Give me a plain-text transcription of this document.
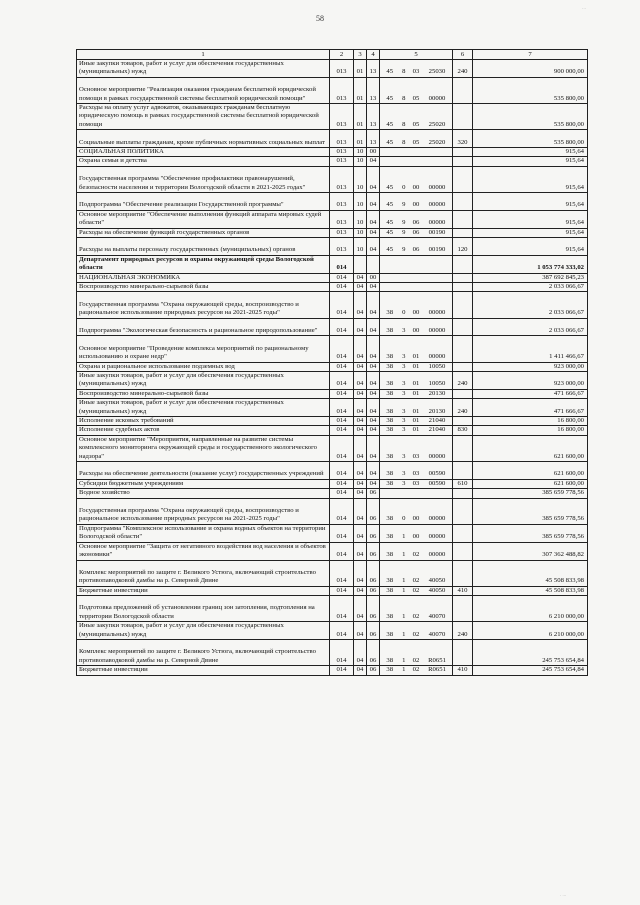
58
1	2	3	4	5	6	7
Иные закупки товаров, работ и услуг для обеспечения государственных (муниципальных) нужд	013	01	13	45 8 03 25030	240	900 000,00
Основное мероприятие "Реализация оказания гражданам бесплатной юридической помощи в рамках государственной системы бесплатной юридической помощи"	013	01	13	45 8 05 00000		535 800,00
Расходы на оплату услуг адвокатов, оказывающих гражданам бесплатную юридическую помощь в рамках государственной системы бесплатной юридической помощи	013	01	13	45 8 05 25020		535 800,00
Социальные выплаты гражданам, кроме публичных нормативных социальных выплат	013	01	13	45 8 05 25020	320	535 800,00
СОЦИАЛЬНАЯ ПОЛИТИКА	013	10	00			915,64
Охрана семьи и детства	013	10	04			915,64
Государственная программа "Обеспечение профилактики правонарушений, безопасности населения и территории Вологодской области в 2021-2025 годах"	013	10	04	45 0 00 00000		915,64
Подпрограмма "Обеспечение реализации Государственной программы"	013	10	04	45 9 00 00000		915,64
Основное мероприятие "Обеспечение выполнения функций аппарата мировых судей области"	013	10	04	45 9 06 00000		915,64
Расходы на обеспечение функций государственных органов	013	10	04	45 9 06 00190		915,64
Расходы на выплаты персоналу государственных (муниципальных) органов	013	10	04	45 9 06 00190	120	915,64
Департамент природных ресурсов и охраны окружающей среды Вологодской области	014					1 053 774 333,02
НАЦИОНАЛЬНАЯ ЭКОНОМИКА	014	04	00			387 692 845,23
Воспроизводство минерально-сырьевой базы	014	04	04			2 033 066,67
Государственная программа "Охрана окружающей среды, воспроизводство и рациональное использование природных ресурсов на 2021-2025 годы"	014	04	04	38 0 00 00000		2 033 066,67
Подпрограмма "Экологическая безопасность и рациональное природопользование"	014	04	04	38 3 00 00000		2 033 066,67
Основное мероприятие "Проведение комплекса мероприятий по рациональному использованию и охране недр"	014	04	04	38 3 01 00000		1 411 466,67
Охрана и рациональное использование подземных вод	014	04	04	38 3 01 10050		923 000,00
Иные закупки товаров, работ и услуг для обеспечения государственных (муниципальных) нужд	014	04	04	38 3 01 10050	240	923 000,00
Воспроизводство минерально-сырьевой базы	014	04	04	38 3 01 20130		471 666,67
Иные закупки товаров, работ и услуг для обеспечения государственных (муниципальных) нужд	014	04	04	38 3 01 20130	240	471 666,67
Исполнение исковых требований	014	04	04	38 3 01 21040		16 800,00
Исполнение судебных актов	014	04	04	38 3 01 21040	830	16 800,00
Основное мероприятие "Мероприятия, направленные на развитие системы комплексного мониторинга окружающей среды и государственного экологического надзора"	014	04	04	38 3 03 00000		621 600,00
Расходы на обеспечение деятельности (оказание услуг) государственных учреждений	014	04	04	38 3 03 00590		621 600,00
Субсидии бюджетным учреждениям	014	04	04	38 3 03 00590	610	621 600,00
Водное хозяйство	014	04	06			385 659 778,56
Государственная программа "Охрана окружающей среды, воспроизводство и рациональное использование природных ресурсов на 2021-2025 годы"	014	04	06	38 0 00 00000		385 659 778,56
Подпрограмма "Комплексное использование и охрана водных объектов на территории Вологодской области"	014	04	06	38 1 00 00000		385 659 778,56
Основное мероприятие "Защита от негативного воздействия вод населения и объектов экономики"	014	04	06	38 1 02 00000		307 362 488,82
Комплекс мероприятий по защите г. Великого Устюга, включающий строительство противопаводковой дамбы на р. Северной Двине	014	04	06	38 1 02 40050		45 508 833,98
Бюджетные инвестиции	014	04	06	38 1 02 40050	410	45 508 833,98
Подготовка предложений об установлении границ зон затопления, подтопления на территории Вологодской области	014	04	06	38 1 02 40070		6 210 000,00
Иные закупки товаров, работ и услуг для обеспечения государственных (муниципальных) нужд	014	04	06	38 1 02 40070	240	6 210 000,00
Комплекс мероприятий по защите г. Великого Устюга, включающий строительство противопаводковой дамбы на р. Северной Двине	014	04	06	38 1 02 R0651		245 753 654,84
Бюджетные инвестиции	014	04	06	38 1 02 R0651	410	245 753 654,84
···
· ···
